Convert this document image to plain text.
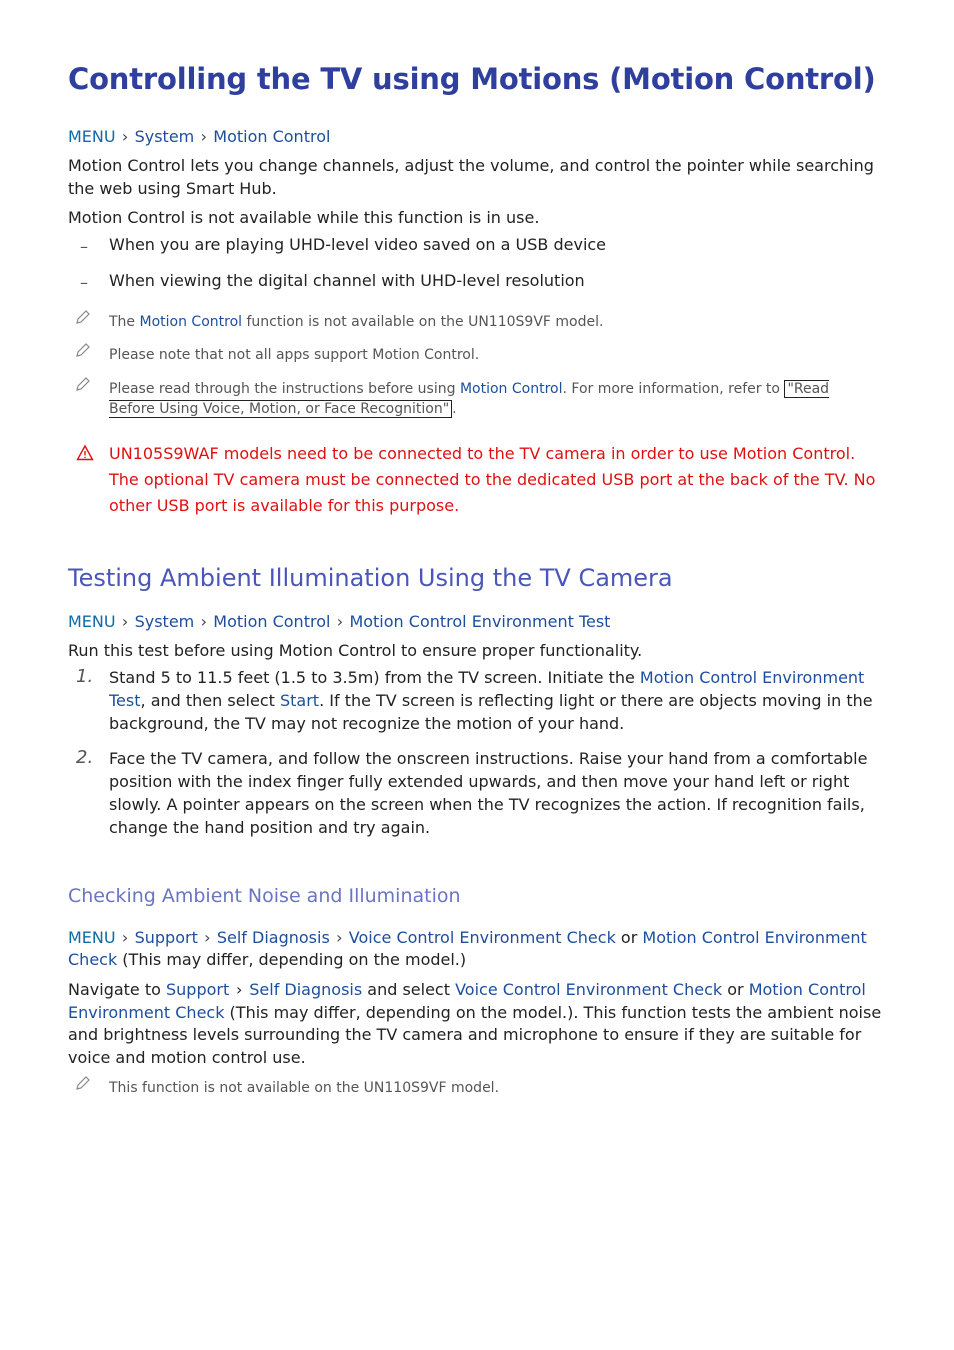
Controlling the TV using Motions (Motion Control)
MENU › System › Motion Control
Motion Control lets you change channels, adjust the volume, and control the pointer while searching the web using Smart Hub.
Motion Control is not available while this function is in use.
– When you are playing UHD-level video saved on a USB device
– When viewing the digital channel with UHD-level resolution
The Motion Control function is not available on the UN110S9VF model.
Please note that not all apps support Motion Control.
Please read through the instructions before using Motion Control. For more information, refer to "Read Before Using Voice, Motion, or Face Recognition" .
UN105S9WAF models need to be connected to the TV camera in order to use Motion Control. The optional TV camera must be connected to the dedicated USB port at the back of the TV. No other USB port is available for this purpose.
Testing Ambient Illumination Using the TV Camera
MENU › System › Motion Control › Motion Control Environment Test
Run this test before using Motion Control to ensure proper functionality.
1. Stand 5 to 11.5 feet (1.5 to 3.5m) from the TV screen. Initiate the Motion Control Environment Test, and then select Start. If the TV screen is reflecting light or there are objects moving in the background, the TV may not recognize the motion of your hand.
2. Face the TV camera, and follow the onscreen instructions. Raise your hand from a comfortable position with the index finger fully extended upwards, and then move your hand left or right slowly. A pointer appears on the screen when the TV recognizes the action. If recognition fails, change the hand position and try again.
Checking Ambient Noise and Illumination
MENU › Support › Self Diagnosis › Voice Control Environment Check or Motion Control Environment Check (This may differ, depending on the model.)
Navigate to Support › Self Diagnosis and select Voice Control Environment Check or Motion Control Environment Check (This may differ, depending on the model.). This function tests the ambient noise and brightness levels surrounding the TV camera and microphone to ensure if they are suitable for voice and motion control use.
This function is not available on the UN110S9VF model.
